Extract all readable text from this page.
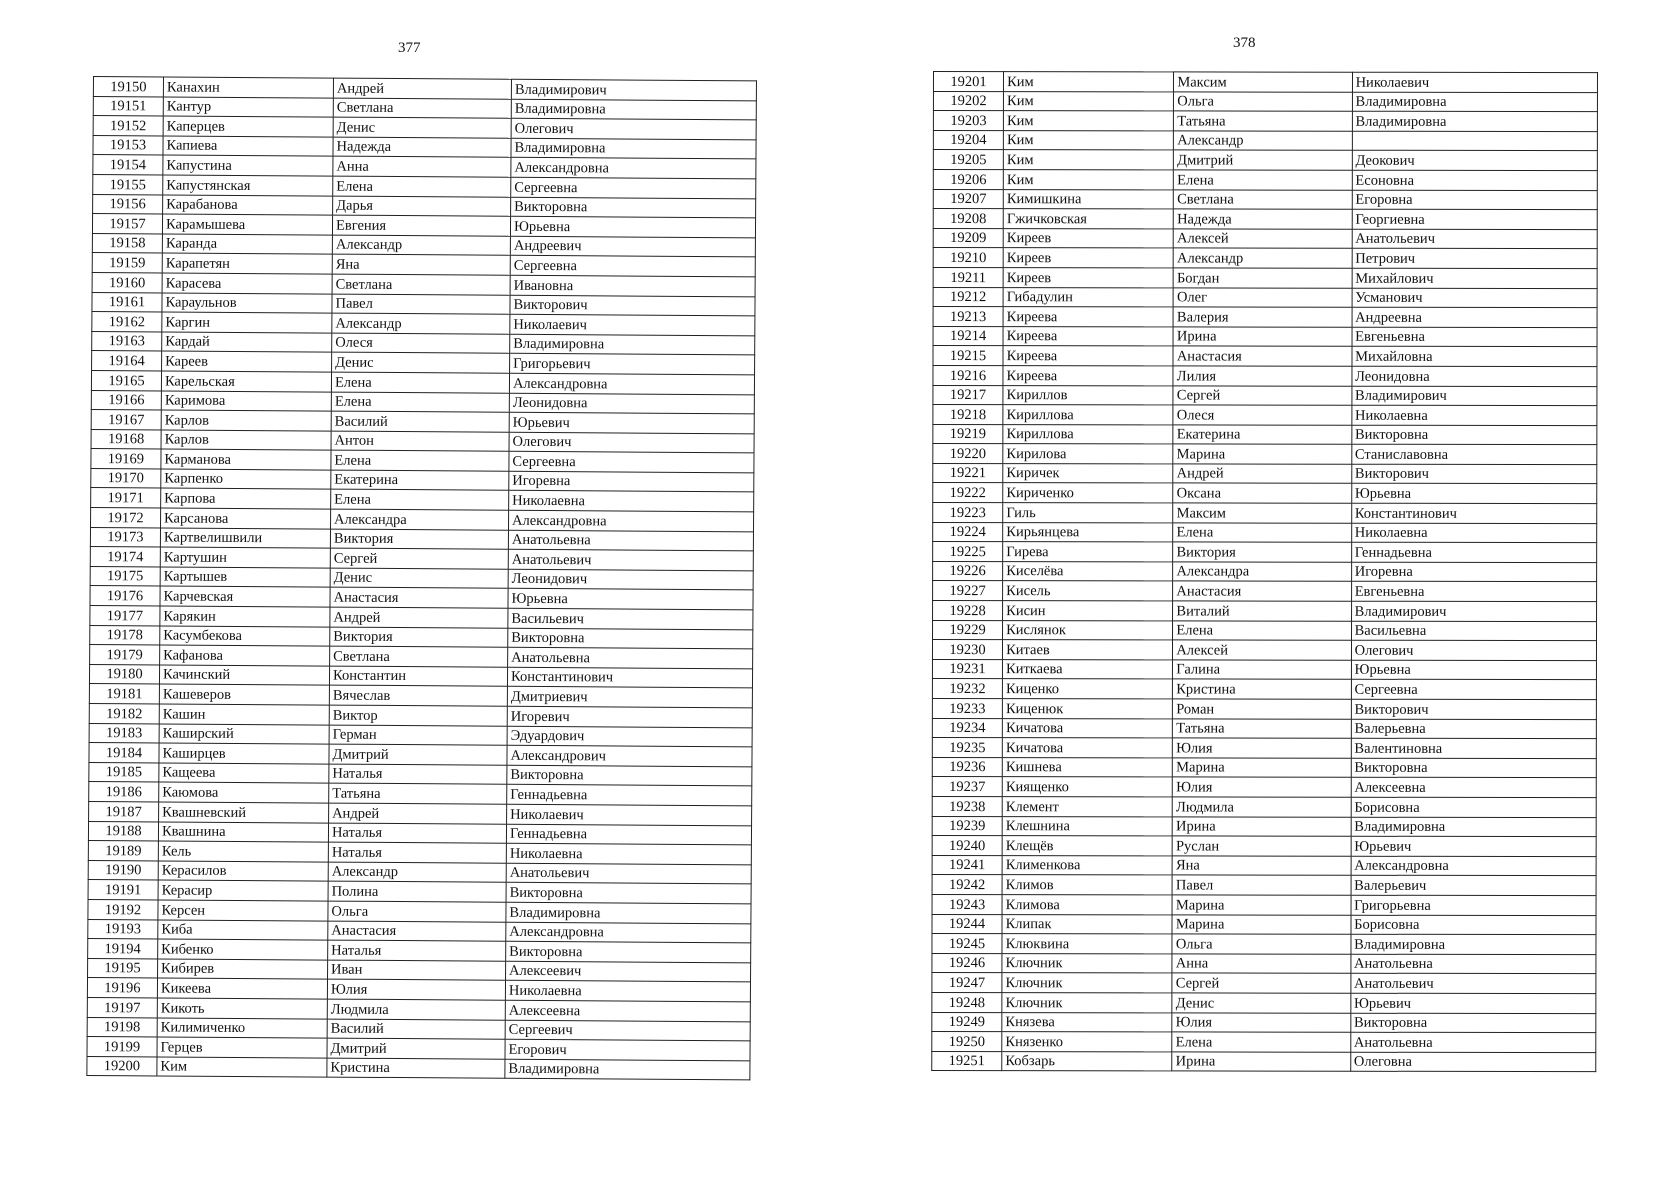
377
19150	Канахин	Андрей	Владимирович
19151	Кантур	Светлана	Владимировна
19152	Каперцев	Денис	Олегович
19153	Капиева	Надежда	Владимировна
19154	Капустина	Анна	Александровна
19155	Капустянская	Елена	Сергеевна
19156	Карабанова	Дарья	Викторовна
19157	Карамышева	Евгения	Юрьевна
19158	Каранда	Александр	Андреевич
19159	Карапетян	Яна	Сергеевна
19160	Карасева	Светлана	Ивановна
19161	Караульнов	Павел	Викторович
19162	Каргин	Александр	Николаевич
19163	Кардай	Олеся	Владимировна
19164	Кареев	Денис	Григорьевич
19165	Карельская	Елена	Александровна
19166	Каримова	Елена	Леонидовна
19167	Карлов	Василий	Юрьевич
19168	Карлов	Антон	Олегович
19169	Карманова	Елена	Сергеевна
19170	Карпенко	Екатерина	Игоревна
19171	Карпова	Елена	Николаевна
19172	Карсанова	Александра	Александровна
19173	Картвелишвили	Виктория	Анатольевна
19174	Картушин	Сергей	Анатольевич
19175	Картышев	Денис	Леонидович
19176	Карчевская	Анастасия	Юрьевна
19177	Карякин	Андрей	Васильевич
19178	Касумбекова	Виктория	Викторовна
19179	Кафанова	Светлана	Анатольевна
19180	Качинский	Константин	Константинович
19181	Кашеверов	Вячеслав	Дмитриевич
19182	Кашин	Виктор	Игоревич
19183	Каширский	Герман	Эдуардович
19184	Каширцев	Дмитрий	Александрович
19185	Кащеева	Наталья	Викторовна
19186	Каюмова	Татьяна	Геннадьевна
19187	Квашневский	Андрей	Николаевич
19188	Квашнина	Наталья	Геннадьевна
19189	Кель	Наталья	Николаевна
19190	Керасилов	Александр	Анатольевич
19191	Керасир	Полина	Викторовна
19192	Керсен	Ольга	Владимировна
19193	Киба	Анастасия	Александровна
19194	Кибенко	Наталья	Викторовна
19195	Кибирев	Иван	Алексеевич
19196	Кикеева	Юлия	Николаевна
19197	Кикоть	Людмила	Алексеевна
19198	Килимиченко	Василий	Сергеевич
19199	Герцев	Дмитрий	Егорович
19200	Ким	Кристина	Владимировна
378
19201	Ким	Максим	Николаевич
19202	Ким	Ольга	Владимировна
19203	Ким	Татьяна	Владимировна
19204	Ким	Александр	
19205	Ким	Дмитрий	Деокович
19206	Ким	Елена	Есоновна
19207	Кимишкина	Светлана	Егоровна
19208	Гжичковская	Надежда	Георгиевна
19209	Киреев	Алексей	Анатольевич
19210	Киреев	Александр	Петрович
19211	Киреев	Богдан	Михайлович
19212	Гибадулин	Олег	Усманович
19213	Киреева	Валерия	Андреевна
19214	Киреева	Ирина	Евгеньевна
19215	Киреева	Анастасия	Михайловна
19216	Киреева	Лилия	Леонидовна
19217	Кириллов	Сергей	Владимирович
19218	Кириллова	Олеся	Николаевна
19219	Кириллова	Екатерина	Викторовна
19220	Кирилова	Марина	Станиславовна
19221	Киричек	Андрей	Викторович
19222	Кириченко	Оксана	Юрьевна
19223	Гиль	Максим	Константинович
19224	Кирьянцева	Елена	Николаевна
19225	Гирева	Виктория	Геннадьевна
19226	Киселёва	Александра	Игоревна
19227	Кисель	Анастасия	Евгеньевна
19228	Кисин	Виталий	Владимирович
19229	Кислянок	Елена	Васильевна
19230	Китаев	Алексей	Олегович
19231	Киткаева	Галина	Юрьевна
19232	Киценко	Кристина	Сергеевна
19233	Киценюк	Роман	Викторович
19234	Кичатова	Татьяна	Валерьевна
19235	Кичатова	Юлия	Валентиновна
19236	Кишнева	Марина	Викторовна
19237	Киященко	Юлия	Алексеевна
19238	Клемент	Людмила	Борисовна
19239	Клешнина	Ирина	Владимировна
19240	Клещёв	Руслан	Юрьевич
19241	Клименкова	Яна	Александровна
19242	Климов	Павел	Валерьевич
19243	Климова	Марина	Григорьевна
19244	Клипак	Марина	Борисовна
19245	Клюквина	Ольга	Владимировна
19246	Ключник	Анна	Анатольевна
19247	Ключник	Сергей	Анатольевич
19248	Ключник	Денис	Юрьевич
19249	Князева	Юлия	Викторовна
19250	Князенко	Елена	Анатольевна
19251	Кобзарь	Ирина	Олеговна
